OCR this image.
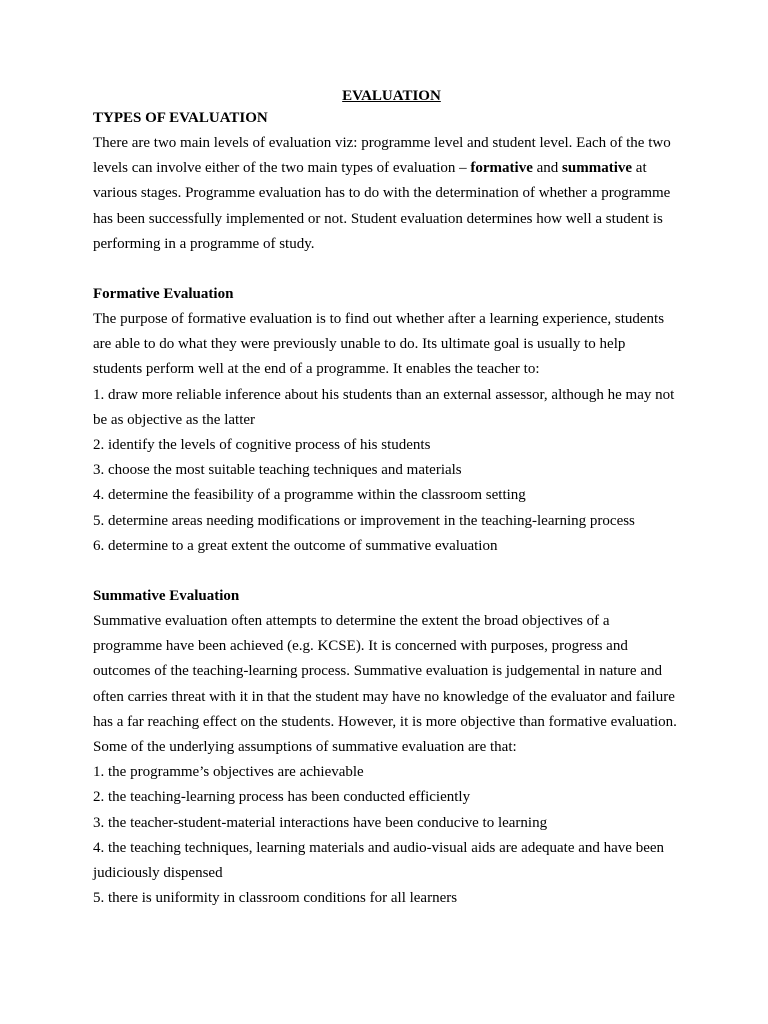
EVALUATION

TYPES OF EVALUATION

There are two main levels of evaluation viz: programme level and student level. Each of the two levels can involve either of the two main types of evaluation – formative and summative at various stages. Programme evaluation has to do with the determination of whether a programme has been successfully implemented or not. Student evaluation determines how well a student is performing in a programme of study.

Formative Evaluation

The purpose of formative evaluation is to find out whether after a learning experience, students are able to do what they were previously unable to do. Its ultimate goal is usually to help students perform well at the end of a programme. It enables the teacher to:

1. draw more reliable inference about his students than an external assessor, although he may not be as objective as the latter
2. identify the levels of cognitive process of his students
3. choose the most suitable teaching techniques and materials
4. determine the feasibility of a programme within the classroom setting
5. determine areas needing modifications or improvement in the teaching-learning process
6. determine to a great extent the outcome of summative evaluation

Summative Evaluation

Summative evaluation often attempts to determine the extent the broad objectives of a programme have been achieved (e.g. KCSE). It is concerned with purposes, progress and outcomes of the teaching-learning process. Summative evaluation is judgemental in nature and often carries threat with it in that the student may have no knowledge of the evaluator and failure has a far reaching effect on the students. However, it is more objective than formative evaluation.

Some of the underlying assumptions of summative evaluation are that:

1. the programme’s objectives are achievable
2. the teaching-learning process has been conducted efficiently
3. the teacher-student-material interactions have been conducive to learning
4. the teaching techniques, learning materials and audio-visual aids are adequate and have been judiciously dispensed
5. there is uniformity in classroom conditions for all learners
